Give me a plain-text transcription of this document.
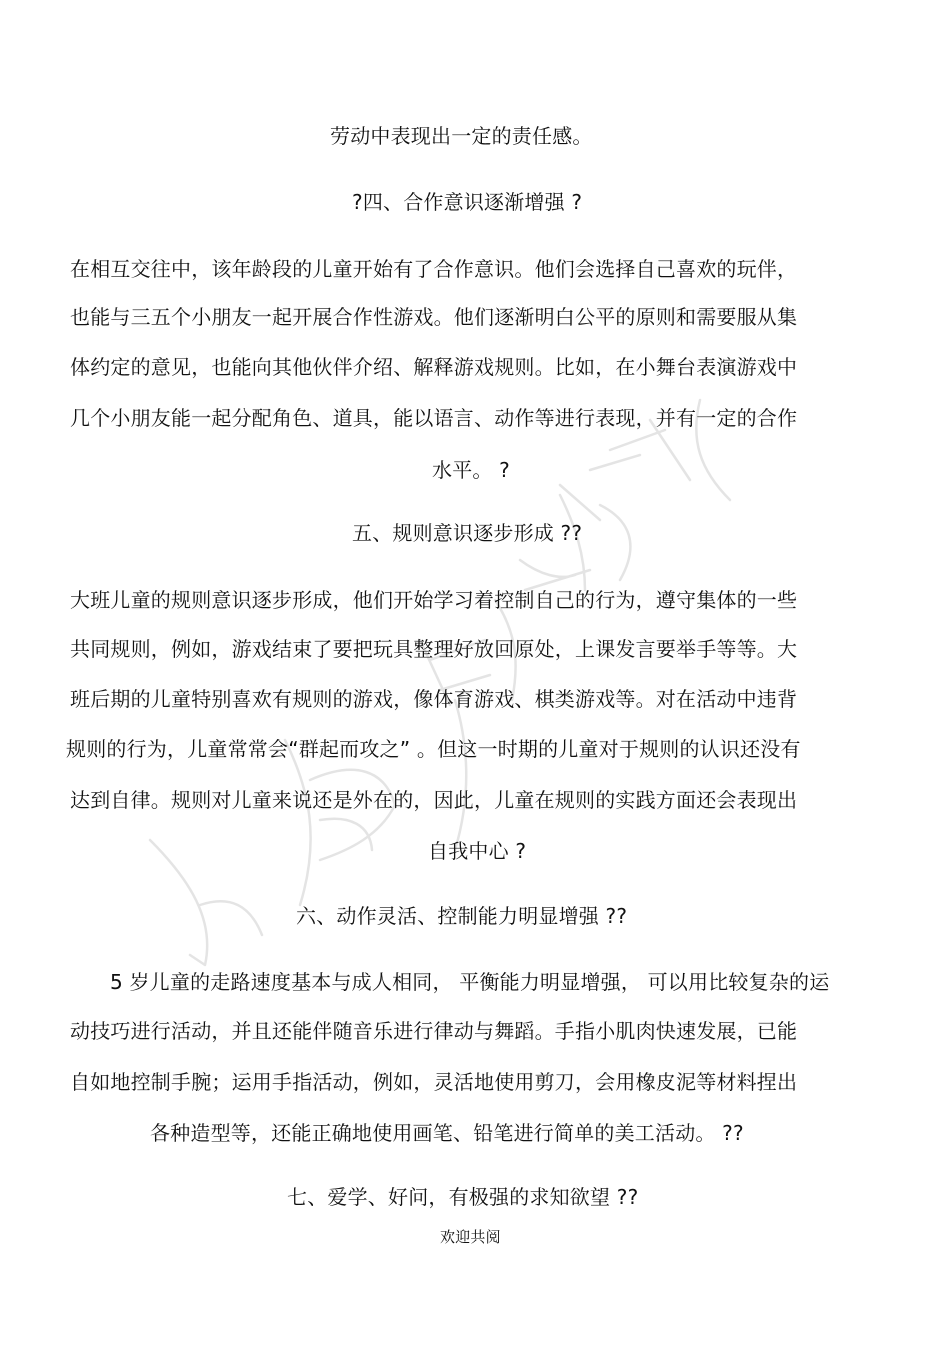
劳动中表现出一定的责任感。
?四、合作意识逐渐增强 ?
在相互交往中，该年龄段的儿童开始有了合作意识。他们会选择自己喜欢的玩伴，
也能与三五个小朋友一起开展合作性游戏。他们逐渐明白公平的原则和需要服从集
体约定的意见，也能向其他伙伴介绍、解释游戏规则。比如，在小舞台表演游戏中
几个小朋友能一起分配角色、道具，能以语言、动作等进行表现，并有一定的合作
水平。 ?
五、规则意识逐步形成 ??
大班儿童的规则意识逐步形成，他们开始学习着控制自己的行为，遵守集体的一些
共同规则，例如，游戏结束了要把玩具整理好放回原处，上课发言要举手等等。大
班后期的儿童特别喜欢有规则的游戏，像体育游戏、棋类游戏等。对在活动中违背
规则的行为，儿童常常会“群起而攻之” 。但这一时期的儿童对于规则的认识还没有
达到自律。规则对儿童来说还是外在的，因此，儿童在规则的实践方面还会表现出
自我中心 ?
六、动作灵活、控制能力明显增强 ??
5 岁儿童的走路速度基本与成人相同， 平衡能力明显增强， 可以用比较复杂的运
动技巧进行活动，并且还能伴随音乐进行律动与舞蹈。手指小肌肉快速发展，已能
自如地控制手腕；运用手指活动，例如，灵活地使用剪刀，会用橡皮泥等材料捏出
各种造型等，还能正确地使用画笔、铅笔进行简单的美工活动。 ??
七、爱学、好问，有极强的求知欲望 ??
欢迎共阅
